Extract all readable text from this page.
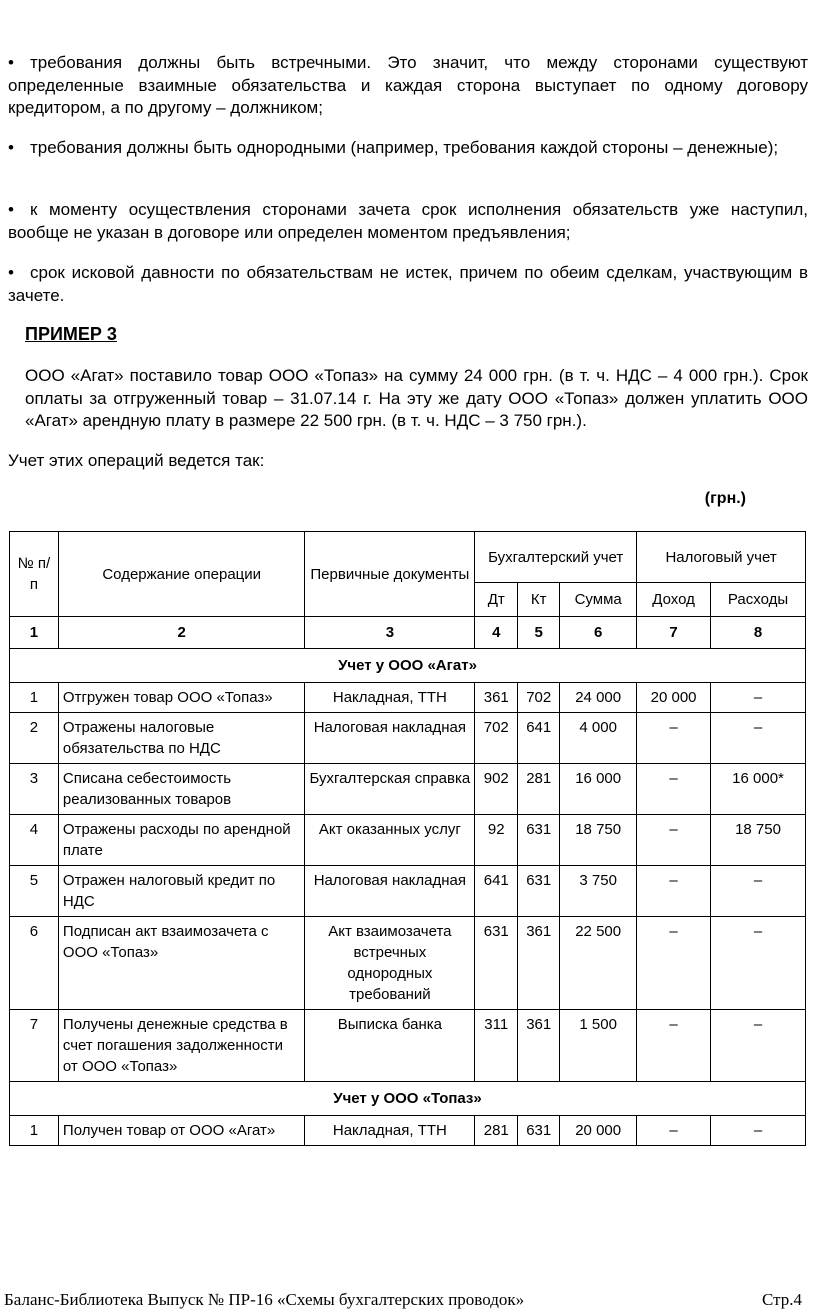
• требования должны быть встречными. Это значит, что между сторонами существуют определенные взаимные обязательства и каждая сторона выступает по одному договору кредитором, а по другому – должником;
• требования должны быть однородными (например, требования каждой стороны – денежные);
• к моменту осуществления сторонами зачета срок исполнения обязательств уже наступил, вообще не указан в договоре или определен моментом предъявления;
• срок исковой давности по обязательствам не истек, причем по обеим сделкам, участвующим в зачете.
ПРИМЕР 3
ООО «Агат» поставило товар ООО «Топаз» на сумму 24 000 грн. (в т. ч. НДС – 4 000 грн.). Срок оплаты за отгруженный товар – 31.07.14 г. На эту же дату ООО «Топаз» должен уплатить ООО «Агат» арендную плату в размере 22 500 грн. (в т. ч. НДС – 3 750 грн.).
Учет этих операций ведется так:
(грн.)
№ п/п	Содержание операции	Первичные документы	Бухгалтерский учет			Налоговый учет	
			Дт	Кт	Сумма	Доход	Расходы
1	2	3	4	5	6	7	8
Учет у ООО «Агат»							
1	Отгружен товар ООО «Топаз»	Накладная, ТТН	361	702	24 000	20 000	–
2	Отражены налоговые обязательства по НДС	Налоговая накладная	702	641	4 000	–	–
3	Списана себестоимость реализованных товаров	Бухгалтерская справка	902	281	16 000	–	16 000*
4	Отражены расходы по арендной плате	Акт оказанных услуг	92	631	18 750	–	18 750
5	Отражен налоговый кредит по НДС	Налоговая накладная	641	631	3 750	–	–
6	Подписан акт взаимозачета с ООО «Топаз»	Акт взаимозачета встречных однородных требований	631	361	22 500	–	–
7	Получены денежные средства в счет погашения задолженности от ООО «Топаз»	Выписка банка	311	361	1 500	–	–
Учет у ООО «Топаз»							
1	Получен товар от ООО «Агат»	Накладная, ТТН	281	631	20 000	–	–
Баланс-Библиотека Выпуск № ПР-16 «Схемы бухгалтерских проводок»	Стр.4
